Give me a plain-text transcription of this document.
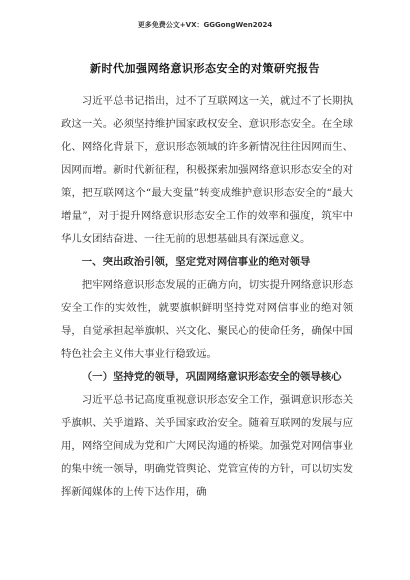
更多免费公文+VX：GGGongWen2024
新时代加强网络意识形态安全的对策研究报告

习近平总书记指出，过不了互联网这一关，就过不了长期执政这一关。必须坚持维护国家政权安全、意识形态安全。在全球化、网络化背景下，意识形态领域的许多新情况往往因网而生、因网而增。新时代新征程，积极探索加强网络意识形态安全的对策，把互联网这个“最大变量”转变成维护意识形态安全的“最大增量”，对于提升网络意识形态安全工作的效率和强度，筑牢中华儿女团结奋进、一往无前的思想基础具有深远意义。

一、突出政治引领，坚定党对网信事业的绝对领导

把牢网络意识形态发展的正确方向，切实提升网络意识形态安全工作的实效性，就要旗帜鲜明坚持党对网信事业的绝对领导，自觉承担起举旗帜、兴文化、聚民心的使命任务，确保中国特色社会主义伟大事业行稳致远。

（一）坚持党的领导，巩固网络意识形态安全的领导核心

习近平总书记高度重视意识形态安全工作，强调意识形态关乎旗帜、关乎道路、关乎国家政治安全。随着互联网的发展与应用，网络空间成为党和广大网民沟通的桥梁。加强党对网信事业的集中统一领导，明确党管舆论、党管宣传的方针，可以切实发挥新闻媒体的上传下达作用，确
